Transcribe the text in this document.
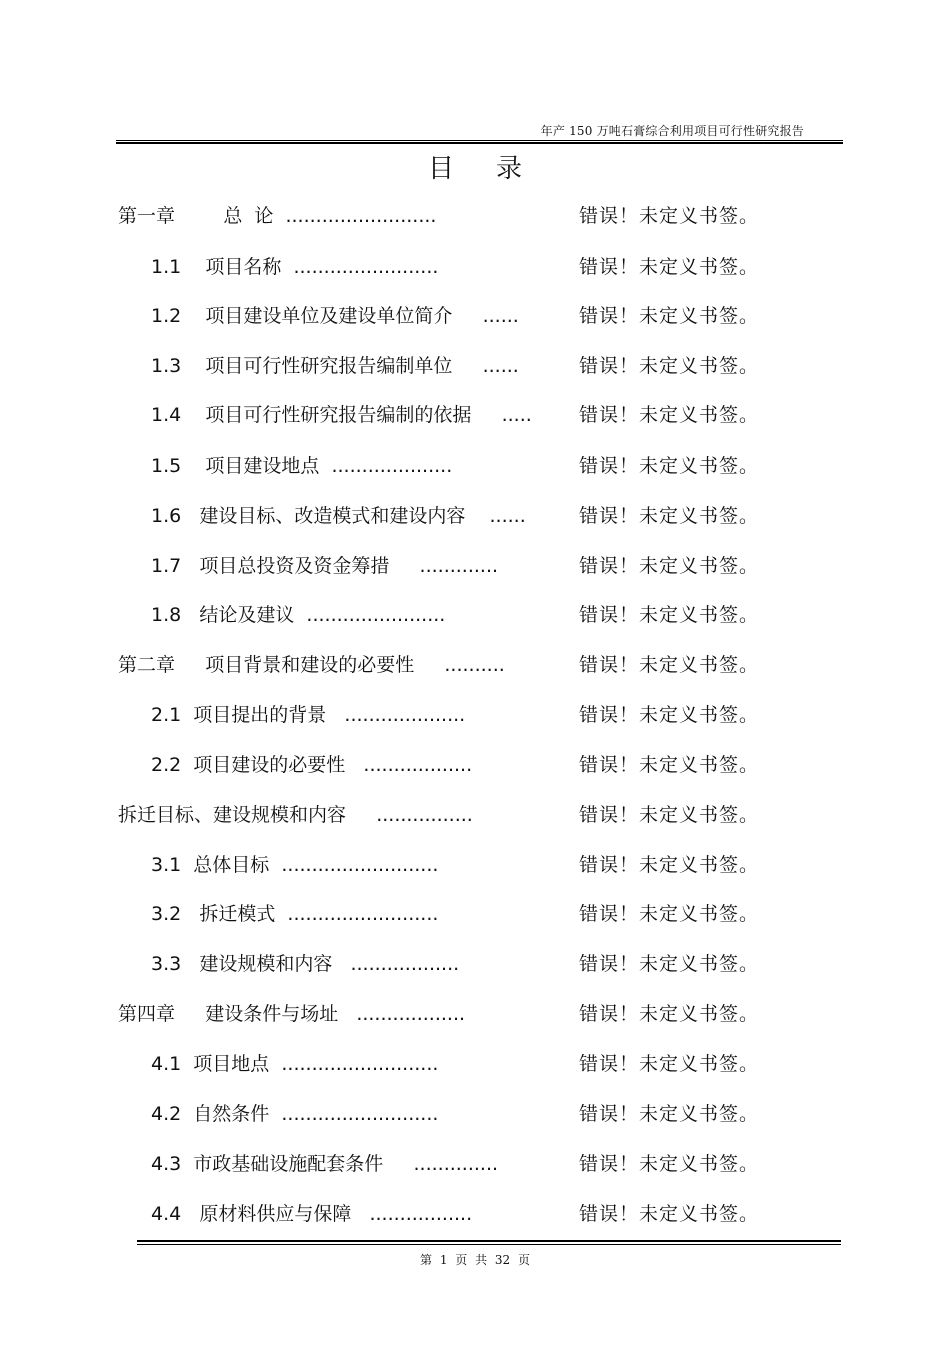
年产 150 万吨石膏综合利用项目可行性研究报告
目录
第一章        总  论  .........................	错误！未定义书签。
1.1    项目名称  ........................	错误！未定义书签。
1.2    项目建设单位及建设单位简介     ......	错误！未定义书签。
1.3    项目可行性研究报告编制单位     ......	错误！未定义书签。
1.4    项目可行性研究报告编制的依据     ..... 错误！未定义书签。
1.5    项目建设地点  ....................	错误！未定义书签。
1.6   建设目标、改造模式和建设内容    ......	错误！未定义书签。
1.7   项目总投资及资金筹措     .............	错误！未定义书签。
1.8   结论及建议  .......................	错误！未定义书签。
第二章     项目背景和建设的必要性     ..........	错误！未定义书签。
2.1  项目提出的背景   ....................	错误！未定义书签。
2.2  项目建设的必要性   ..................	错误！未定义书签。
拆迁目标、建设规模和内容     ................	错误！未定义书签。
3.1  总体目标  ..........................	错误！未定义书签。
3.2   拆迁模式  .........................	错误！未定义书签。
3.3   建设规模和内容   ..................	错误！未定义书签。
第四章     建设条件与场址   ..................	错误！未定义书签。
4.1  项目地点  ..........................	错误！未定义书签。
4.2  自然条件  ..........................	错误！未定义书签。
4.3  市政基础设施配套条件     ..............	错误！未定义书签。
4.4   原材料供应与保障   .................	错误！未定义书签。
第 1 页 共 32 页
